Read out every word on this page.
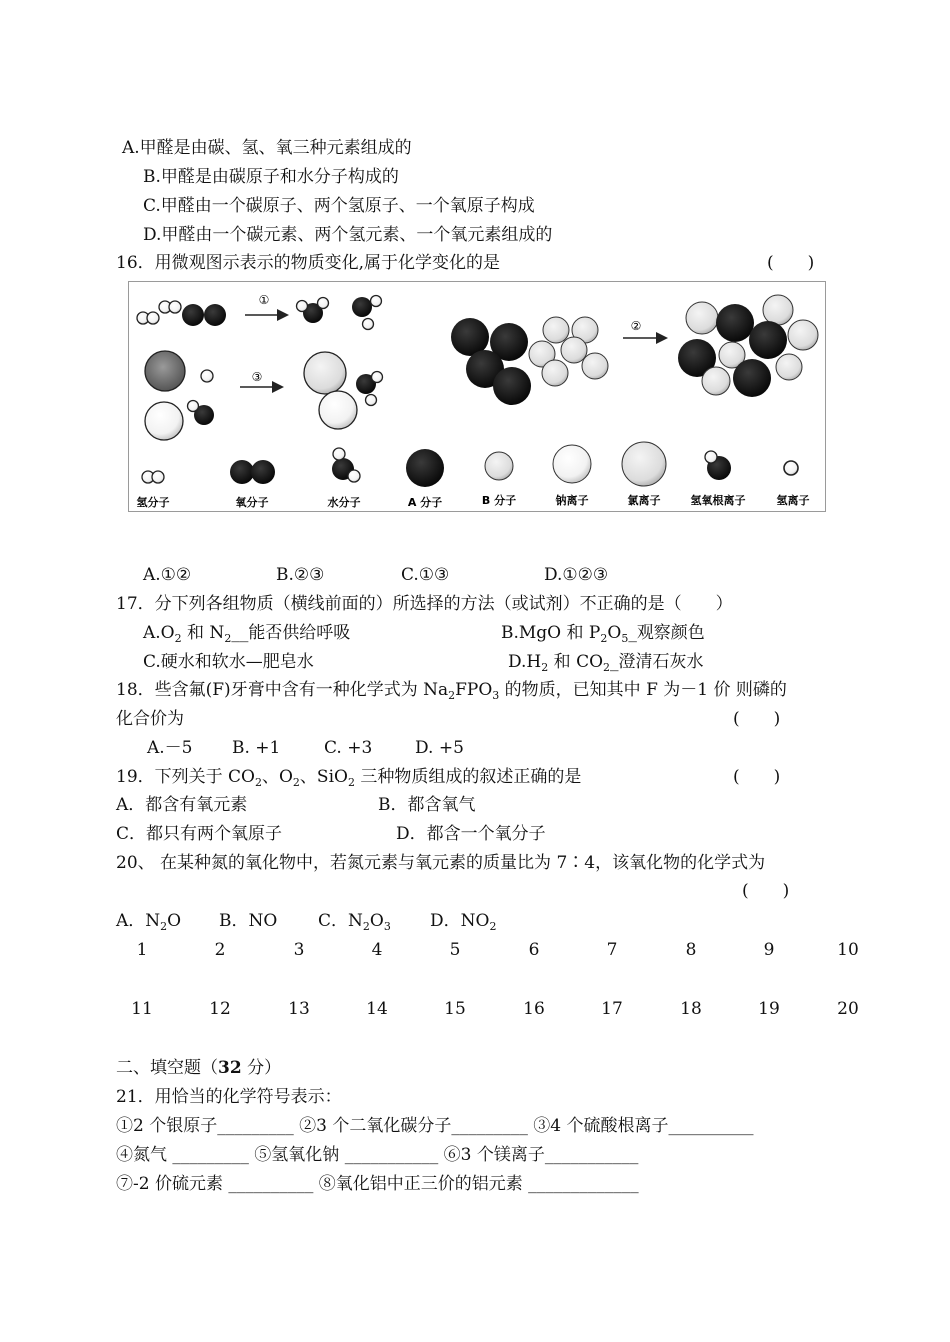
A.甲醛是由碳、氢、氧三种元素组成的
B.甲醛是由碳原子和水分子构成的
C.甲醛由一个碳原子、两个氢原子、一个氧原子构成
D.甲醛由一个碳元素、两个氢元素、一个氧元素组成的
16．用微观图示表示的物质变化,属于化学变化的是	(　　)
①
③
②
氢分子	氧分子	水分子	A 分子	B 分子	钠离子	氯离子	氢氧根离子	氢离子
A.①②	B.②③	C.①③	D.①②③
17．分下列各组物质（横线前面的）所选择的方法（或试剂）不正确的是（　　）
$A.O_2$ 和 $N_2\_\_$能否供给呼吸	B.MgO 和 $P_2O_5\_$观察颜色
C.硬水和软水—肥皂水	$D.H_2$ 和 $CO_2\_$澄清石灰水
18．些含氟(F)牙膏中含有一种化学式为 $Na_2FPO_3$ 的物质，已知其中 F 为－1 价 则磷的
化合价为	(　　)
A.－5 B. +1	C. +3	D. +5
19．下列关于 $CO_2$、$O_2$、SiO$_2$ 三种物质组成的叙述正确的是	(　　)
A．都含有氧元素	B．都含氧气
C．都只有两个氧原子	D．都含一个氧分子
20、 在某种氮的氧化物中，若氮元素与氧元素的质量比为 7∶4，该氧化物的化学式为
(　　)
A．$N_2O$ B．NO C．$N_2O_3$ D．$NO_2$
1	2	3	4	5	6	7	8	9	10
11	12	13	14	15	16	17	18	19	20
二、填空题（32 分）
21．用恰当的化学符号表示：
①2 个银原子_________ ②3 个二氧化碳分子_________ ③4 个硫酸根离子__________
④氮气 _________ ⑤氢氧化钠 ___________ ⑥3 个镁离子___________
⑦-2 价硫元素 __________ ⑧氧化铝中正三价的铝元素 _____________
